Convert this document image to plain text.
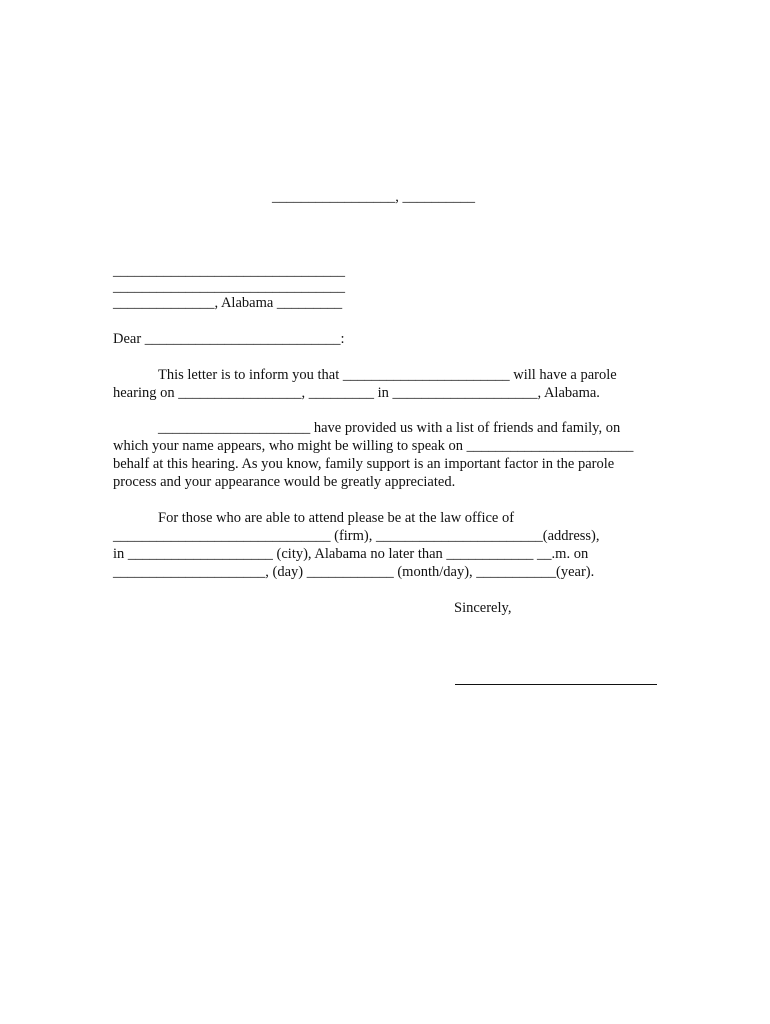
_________________, __________
________________________________
________________________________
______________, Alabama _________
Dear ___________________________:
This letter is to inform you that _______________________ will have a parole
hearing on _________________, _________ in ____________________, Alabama.
_____________________ have provided us with a list of friends and family, on
which your name appears, who might be willing to speak on _______________________
behalf at this hearing. As you know, family support is an important factor in the parole
process and your appearance would be greatly appreciated.
For those who are able to attend please be at the law office of
______________________________ (firm), _______________________(address),
in ____________________ (city), Alabama no later than ____________ __.m. on
_____________________, (day) ____________ (month/day), ___________(year).
Sincerely,
